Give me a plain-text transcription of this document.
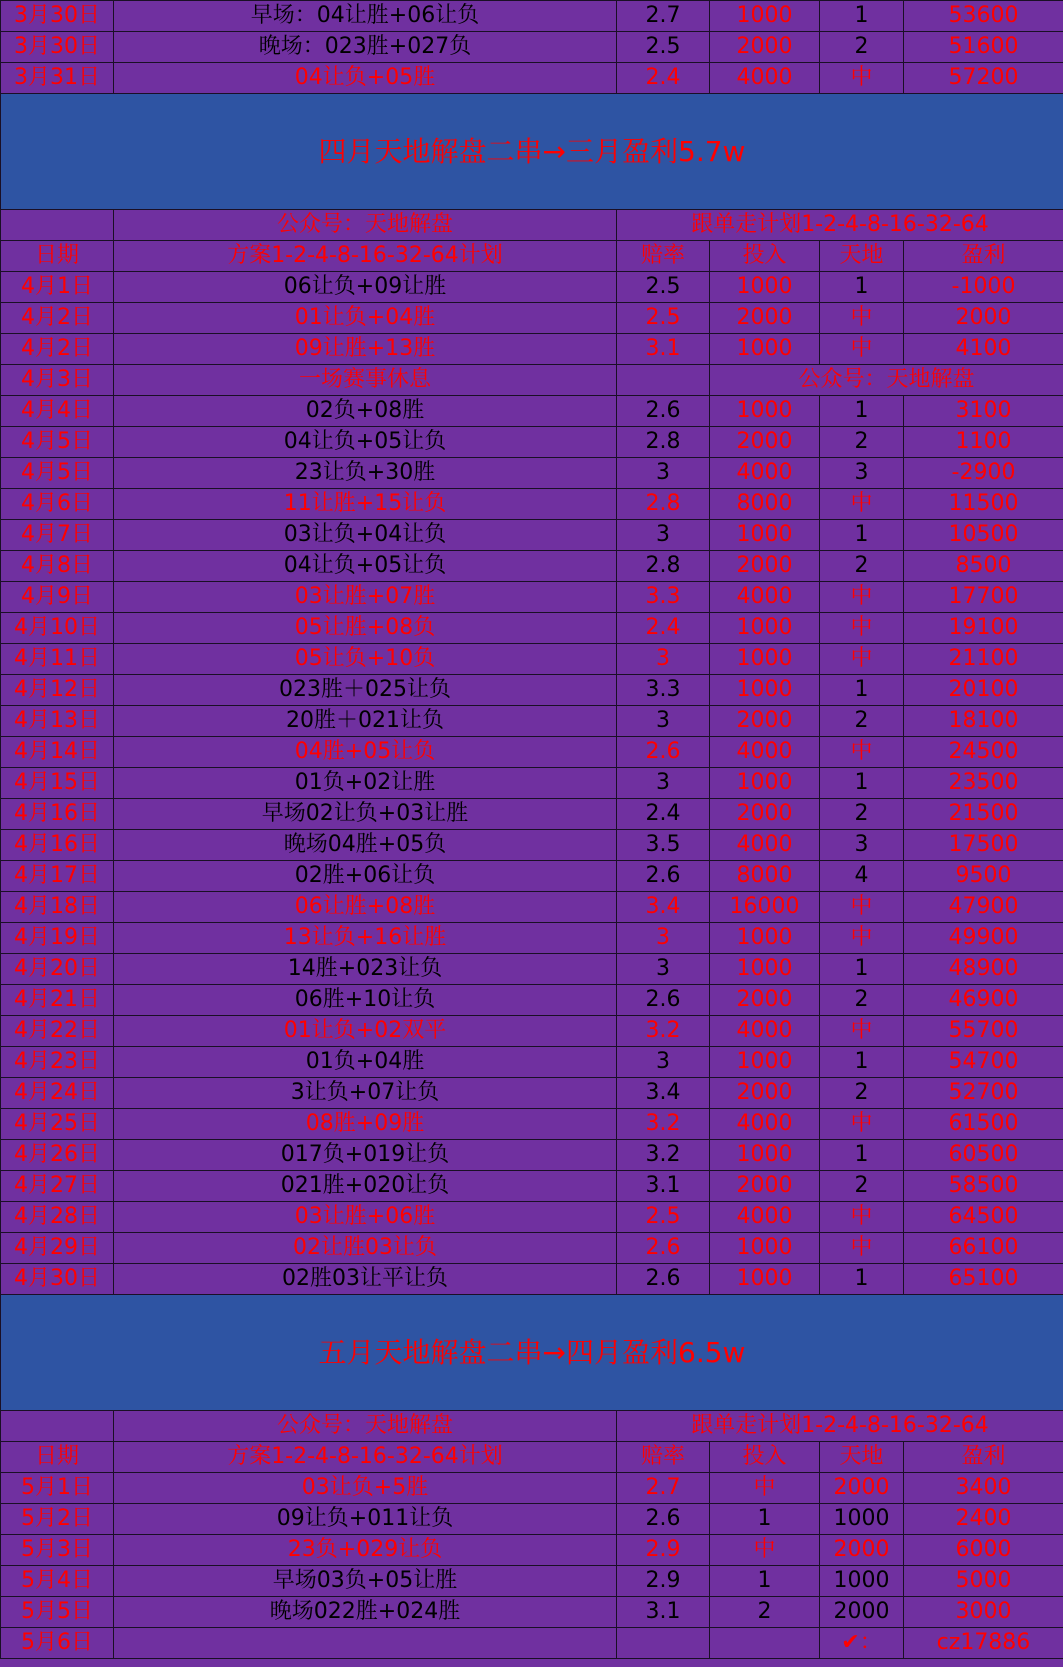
3月30日	早场：04让胜+06让负	2.7	1000	1	53600
3月30日	晚场：023胜+027负	2.5	2000	2	51600
3月31日	04让负+05胜	2.4	4000	中	57200
四月天地解盘二串→三月盈利5.7w					
	公众号：天地解盘	跟单走计划1-2-4-8-16-32-64			
日期	方案1-2-4-8-16-32-64计划	赔率	投入	天地	盈利
4月1日	06让负+09让胜	2.5	1000	1	-1000
4月2日	01让负+04胜	2.5	2000	中	2000
4月2日	09让胜+13胜	3.1	1000	中	4100
4月3日	一场赛事休息		公众号：天地解盘		
4月4日	02负+08胜	2.6	1000	1	3100
4月5日	04让负+05让负	2.8	2000	2	1100
4月5日	23让负+30胜	3	4000	3	-2900
4月6日	11让胜+15让负	2.8	8000	中	11500
4月7日	03让负+04让负	3	1000	1	10500
4月8日	04让负+05让负	2.8	2000	2	8500
4月9日	03让胜+07胜	3.3	4000	中	17700
4月10日	05让胜+08负	2.4	1000	中	19100
4月11日	05让负+10负	3	1000	中	21100
4月12日	023胜＋025让负	3.3	1000	1	20100
4月13日	20胜＋021让负	3	2000	2	18100
4月14日	04胜+05让负	2.6	4000	中	24500
4月15日	01负+02让胜	3	1000	1	23500
4月16日	早场02让负+03让胜	2.4	2000	2	21500
4月16日	晚场04胜+05负	3.5	4000	3	17500
4月17日	02胜+06让负	2.6	8000	4	9500
4月18日	06让胜+08胜	3.4	16000	中	47900
4月19日	13让负+16让胜	3	1000	中	49900
4月20日	14胜+023让负	3	1000	1	48900
4月21日	06胜+10让负	2.6	2000	2	46900
4月22日	01让负+02双平	3.2	4000	中	55700
4月23日	01负+04胜	3	1000	1	54700
4月24日	3让负+07让负	3.4	2000	2	52700
4月25日	08胜+09胜	3.2	4000	中	61500
4月26日	017负+019让负	3.2	1000	1	60500
4月27日	021胜+020让负	3.1	2000	2	58500
4月28日	03让胜+06胜	2.5	4000	中	64500
4月29日	02让胜03让负	2.6	1000	中	66100
4月30日	02胜03让平让负	2.6	1000	1	65100
五月天地解盘二串→四月盈利6.5w					
	公众号：天地解盘	跟单走计划1-2-4-8-16-32-64			
日期	方案1-2-4-8-16-32-64计划	赔率	投入	天地	盈利
5月1日	03让负+5胜	2.7	中	2000	3400
5月2日	09让负+011让负	2.6	1	1000	2400
5月3日	23负+029让负	2.9	中	2000	6000
5月4日	早场03负+05让胜	2.9	1	1000	5000
5月5日	晚场022胜+024胜	3.1	2	2000	3000
5月6日				✔：	cz17886
